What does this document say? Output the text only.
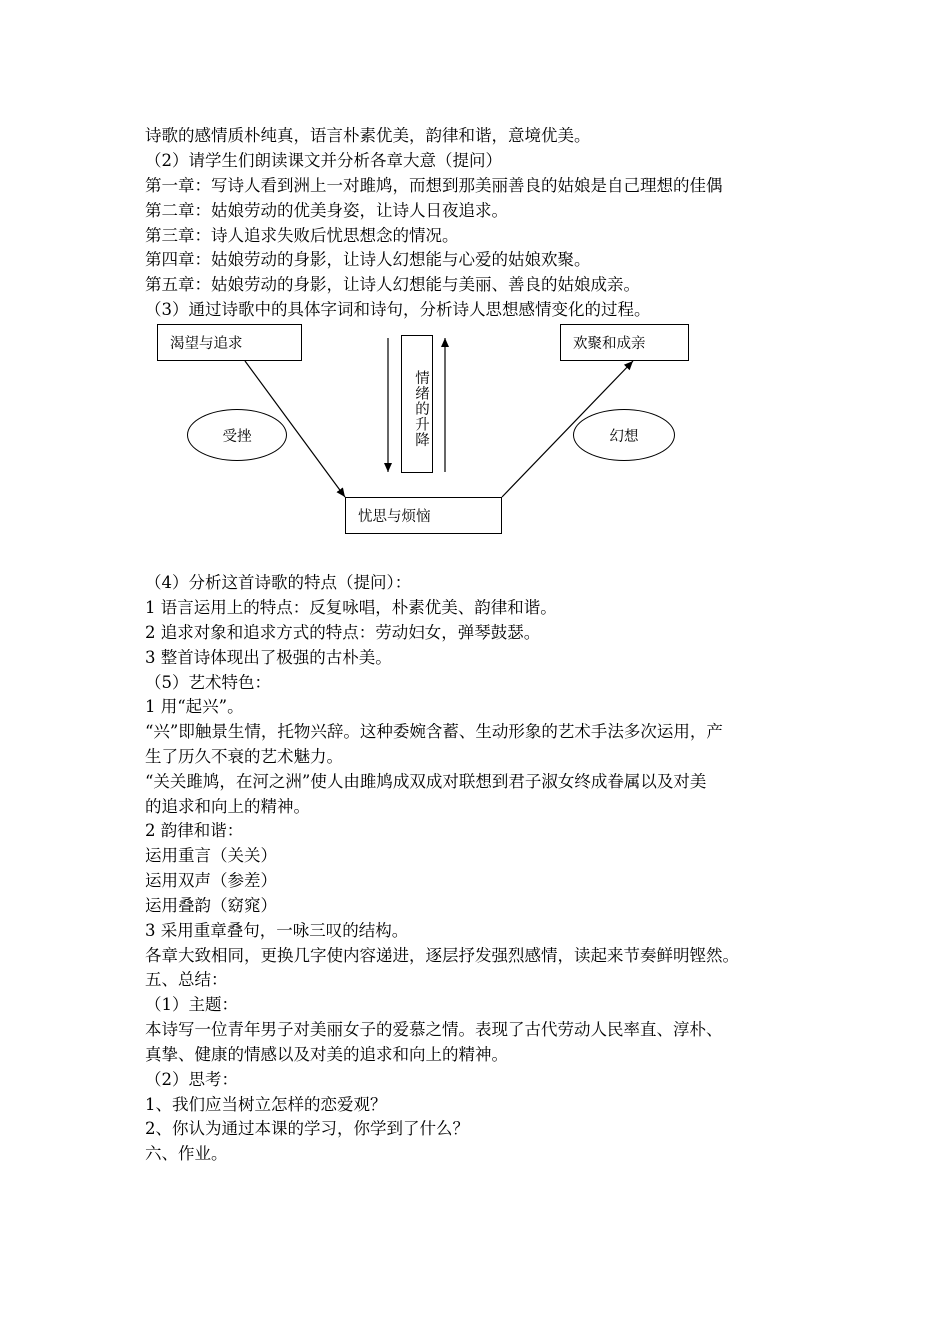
诗歌的感情质朴纯真，语言朴素优美，韵律和谐，意境优美。
（2）请学生们朗读课文并分析各章大意（提问）
第一章：写诗人看到洲上一对雎鸠，而想到那美丽善良的姑娘是自己理想的佳偶
第二章：姑娘劳动的优美身姿，让诗人日夜追求。
第三章：诗人追求失败后忧思想念的情况。
第四章：姑娘劳动的身影，让诗人幻想能与心爱的姑娘欢聚。
第五章：姑娘劳动的身影，让诗人幻想能与美丽、善良的姑娘成亲。
（3）通过诗歌中的具体字词和诗句，分析诗人思想感情变化的过程。
渴望与追求	欢聚和成亲
忧思与烦恼
受挫	幻想
情绪的升降
（4）分析这首诗歌的特点（提问）：
1 语言运用上的特点：反复咏唱，朴素优美、韵律和谐。
2 追求对象和追求方式的特点：劳动妇女，弹琴鼓瑟。
3 整首诗体现出了极强的古朴美。
（5）艺术特色：
1 用“起兴”。
“兴”即触景生情，托物兴辞。这种委婉含蓄、生动形象的艺术手法多次运用，产
生了历久不衰的艺术魅力。
“关关雎鸠，在河之洲”使人由雎鸠成双成对联想到君子淑女终成眷属以及对美
的追求和向上的精神。
2 韵律和谐：
运用重言（关关）
运用双声（参差）
运用叠韵（窈窕）
3 采用重章叠句，一咏三叹的结构。
各章大致相同，更换几字使内容递进，逐层抒发强烈感情，读起来节奏鲜明铿然。
五、总结：
（1）主题：
本诗写一位青年男子对美丽女子的爱慕之情。表现了古代劳动人民率直、淳朴、
真挚、健康的情感以及对美的追求和向上的精神。
（2）思考：
1、我们应当树立怎样的恋爱观？
2、你认为通过本课的学习，你学到了什么？
六、作业。
